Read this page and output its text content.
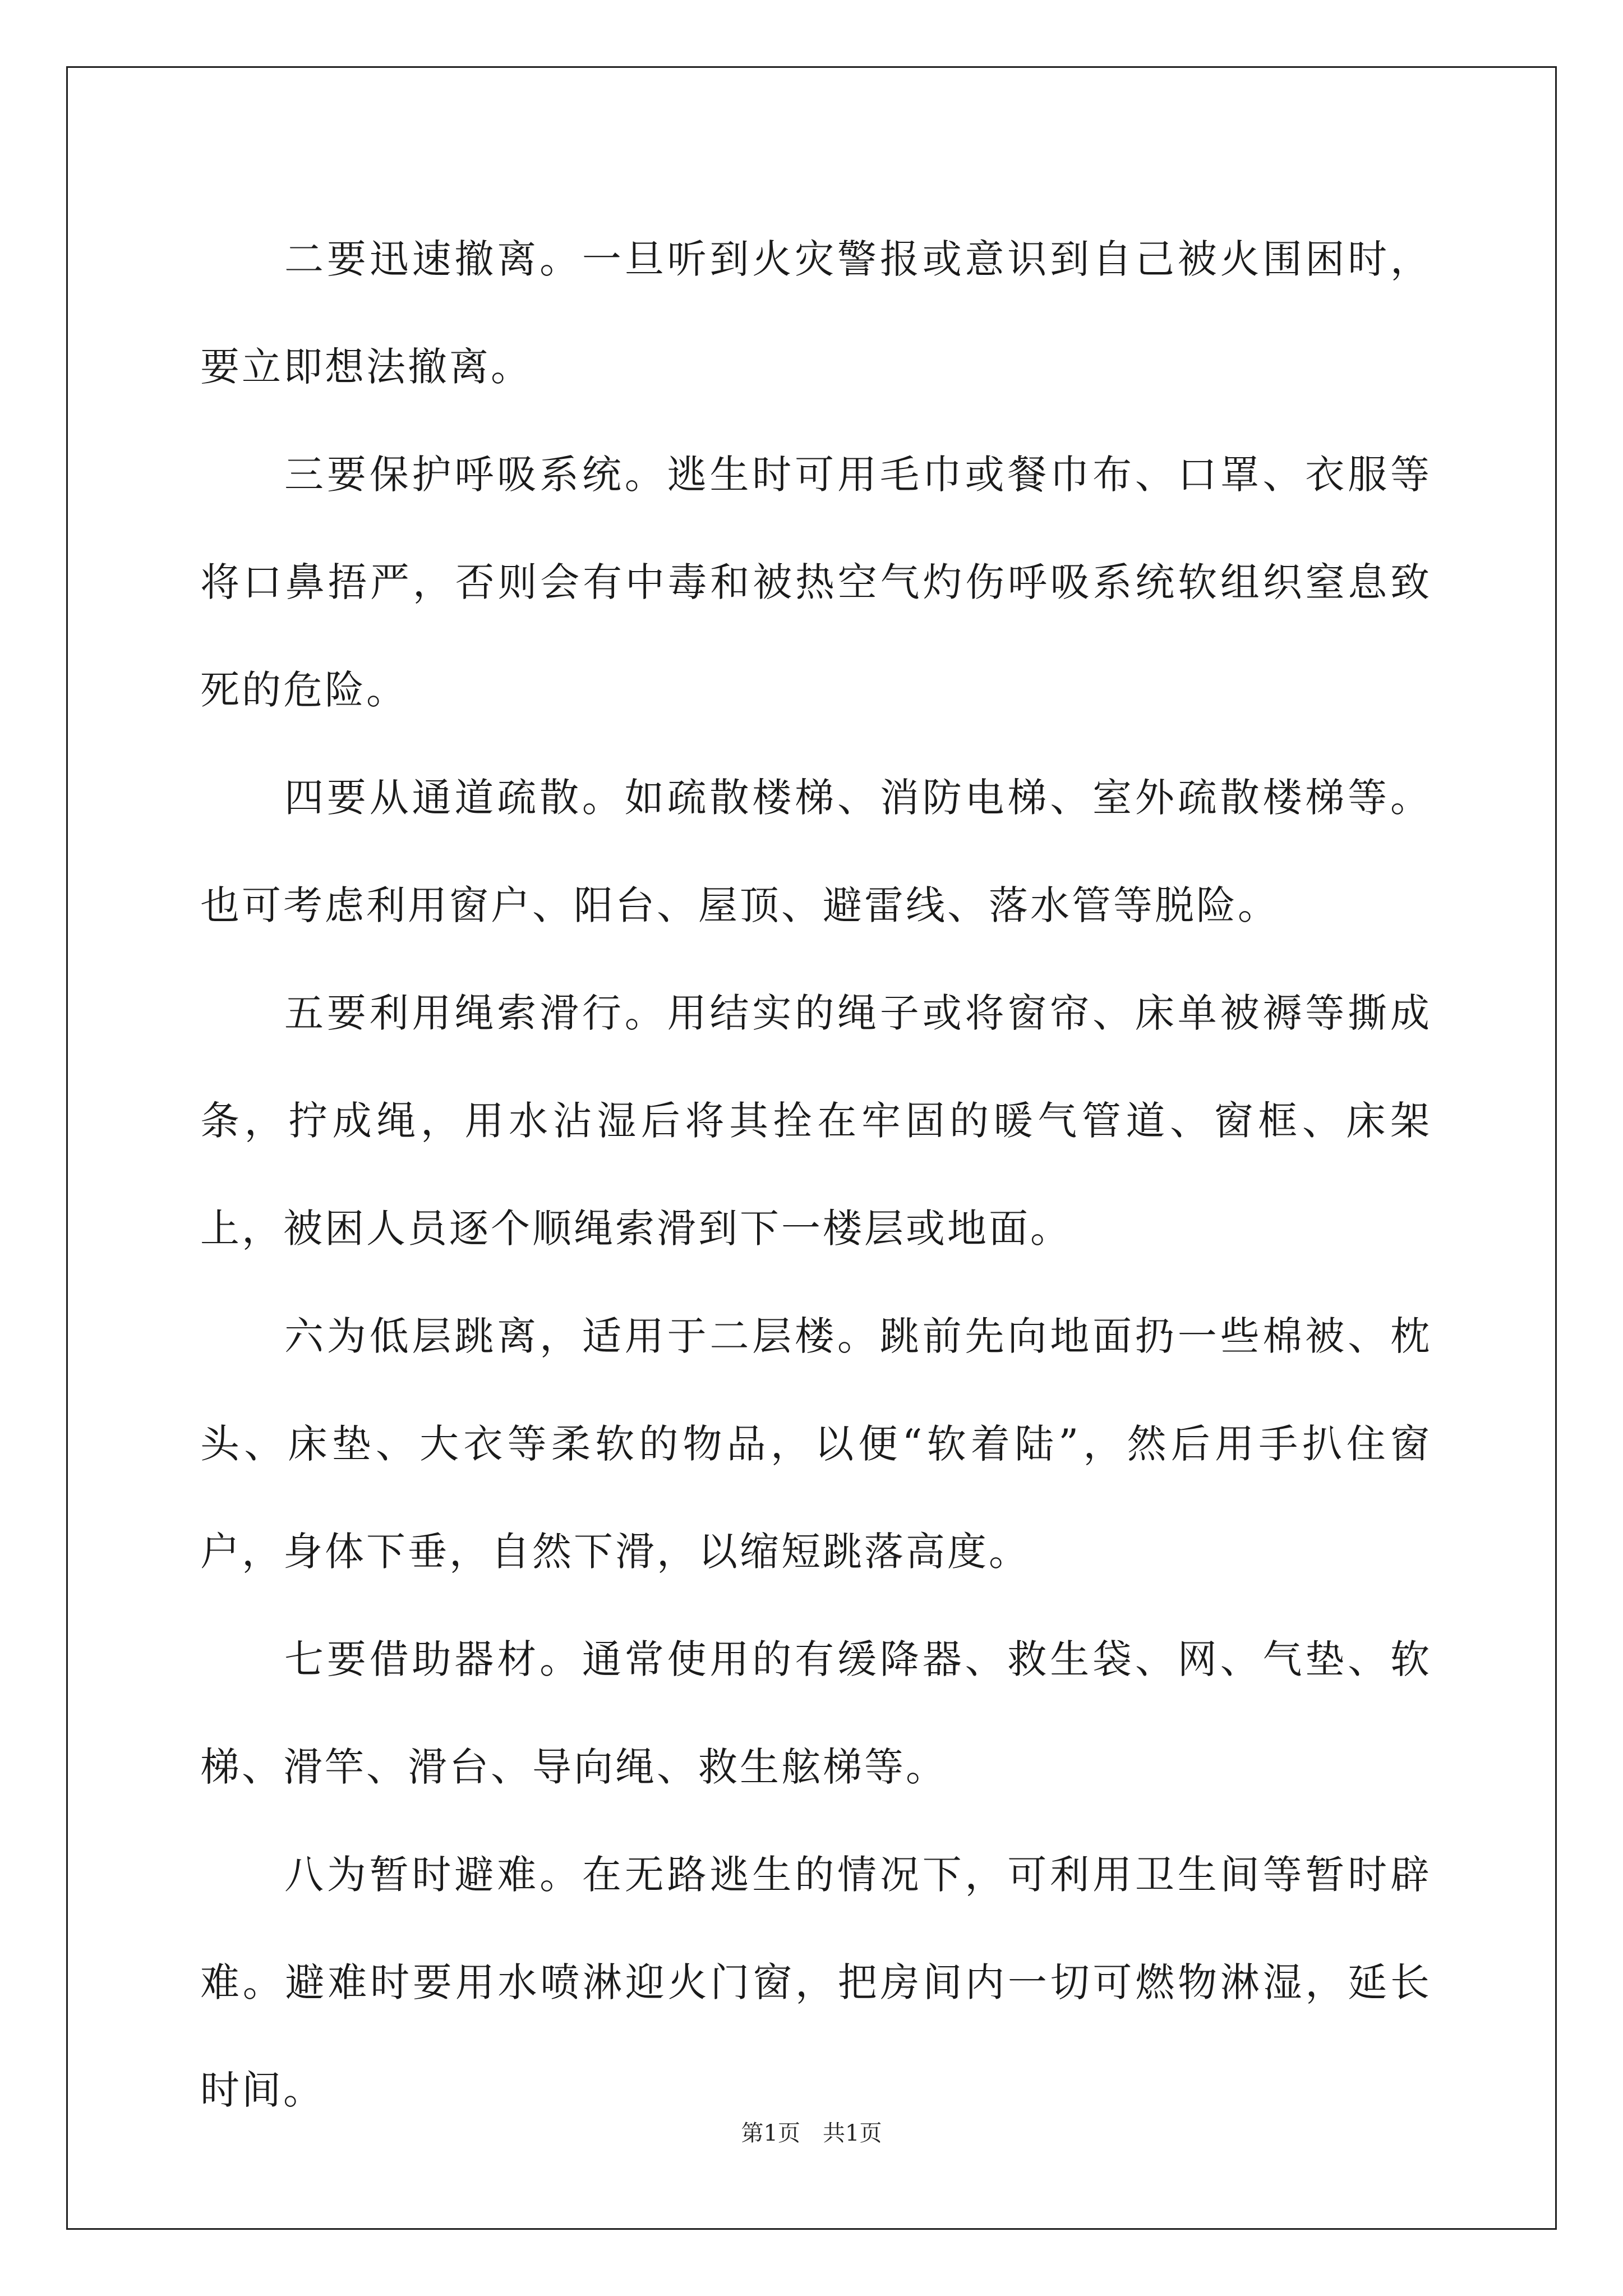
二要迅速撤离。一旦听到火灾警报或意识到自己被火围困时，要立即想法撤离。

三要保护呼吸系统。逃生时可用毛巾或餐巾布、口罩、衣服等将口鼻捂严，否则会有中毒和被热空气灼伤呼吸系统软组织窒息致死的危险。

四要从通道疏散。如疏散楼梯、消防电梯、室外疏散楼梯等。也可考虑利用窗户、阳台、屋顶、避雷线、落水管等脱险。

五要利用绳索滑行。用结实的绳子或将窗帘、床单被褥等撕成条，拧成绳，用水沾湿后将其拴在牢固的暖气管道、窗框、床架上，被困人员逐个顺绳索滑到下一楼层或地面。

六为低层跳离，适用于二层楼。跳前先向地面扔一些棉被、枕头、床垫、大衣等柔软的物品，以便“软着陆”，然后用手扒住窗户，身体下垂，自然下滑，以缩短跳落高度。

七要借助器材。通常使用的有缓降器、救生袋、网、气垫、软梯、滑竿、滑台、导向绳、救生舷梯等。

八为暂时避难。在无路逃生的情况下，可利用卫生间等暂时辟难。避难时要用水喷淋迎火门窗，把房间内一切可燃物淋湿，延长时间。

第1页 共1页
